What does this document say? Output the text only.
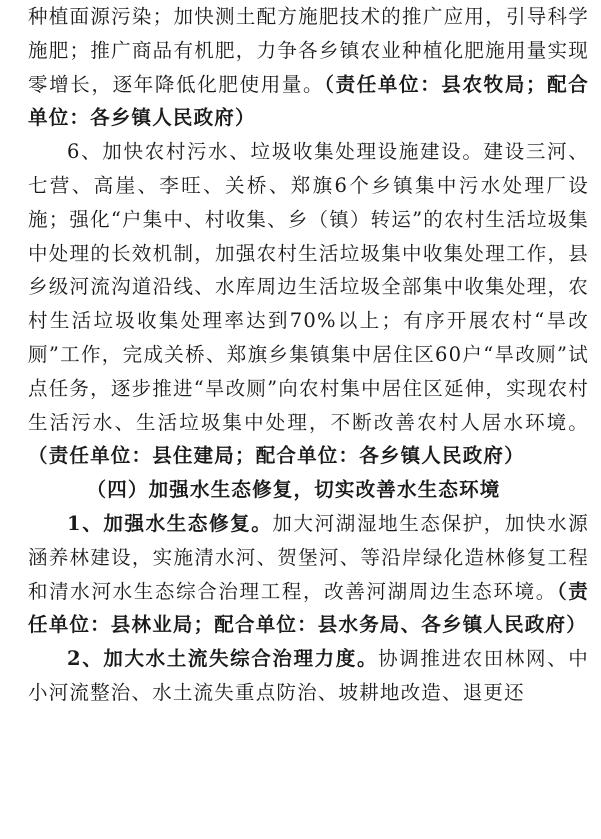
种植面源污染；加快测土配方施肥技术的推广应用，引导科学施肥；推广商品有机肥，力争各乡镇农业种植化肥施用量实现零增长，逐年降低化肥使用量。（责任单位：县农牧局；配合单位：各乡镇人民政府）

6、加快农村污水、垃圾收集处理设施建设。建设三河、七营、高崖、李旺、关桥、郑旗6个乡镇集中污水处理厂设施；强化“户集中、村收集、乡（镇）转运”的农村生活垃圾集中处理的长效机制，加强农村生活垃圾集中收集处理工作，县乡级河流沟道沿线、水库周边生活垃圾全部集中收集处理，农村生活垃圾收集处理率达到70%以上；有序开展农村“旱改厕”工作，完成关桥、郑旗乡集镇集中居住区60户“旱改厕”试点任务，逐步推进“旱改厕”向农村集中居住区延伸，实现农村生活污水、生活垃圾集中处理，不断改善农村人居水环境。（责任单位：县住建局；配合单位：各乡镇人民政府）

（四）加强水生态修复，切实改善水生态环境

1、加强水生态修复。加大河湖湿地生态保护，加快水源涵养林建设，实施清水河、贺堡河、等沿岸绿化造林修复工程和清水河水生态综合治理工程，改善河湖周边生态环境。（责任单位：县林业局；配合单位：县水务局、各乡镇人民政府）

2、加大水土流失综合治理力度。协调推进农田林网、中小河流整治、水土流失重点防治、坡耕地改造、退更还
